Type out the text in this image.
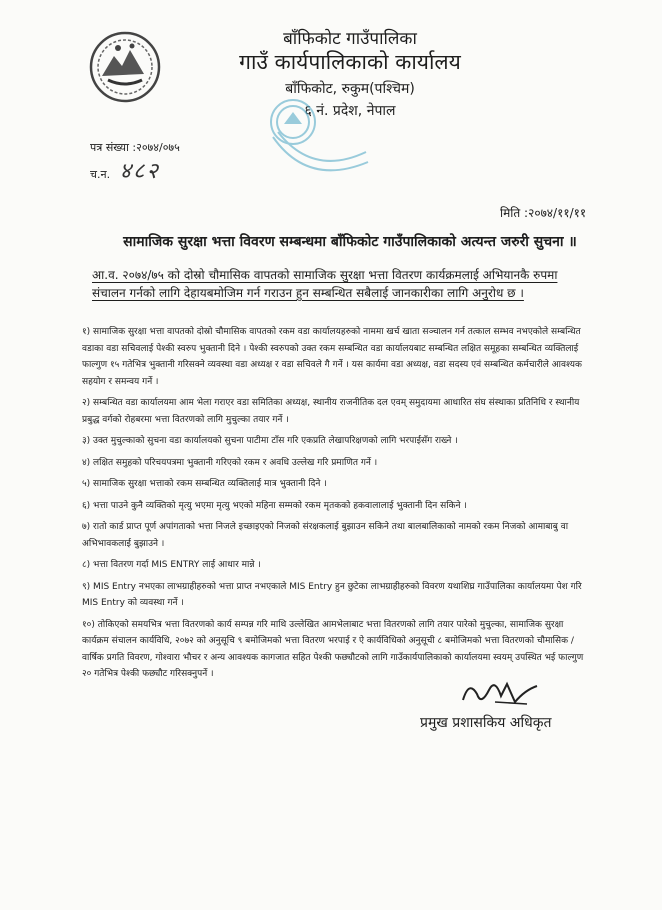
बाँफिकोट गाउँपालिका
गाउँ कार्यपालिकाको कार्यालय
बाँफिकोट, रुकुम(पश्चिम)
६ नं. प्रदेश, नेपाल
पत्र संख्या :२०७४/०७५
च.न. ४८२
मिति :२०७४/११/११
सामाजिक सुरक्षा भत्ता विवरण सम्बन्धमा बाँफिकोट गाउँपालिकाको अत्यन्त जरुरी सुचना ॥
आ.व. २०७४/७५ को दोस्रो चौमासिक वापतको सामाजिक सुरक्षा भत्ता वितरण कार्यक्रमलाई अभियानकै रुपमा संचालन गर्नको लागि देहायबमोजिम गर्न गराउन हुन सम्बन्धित सबैलाई जानकारीका लागि अनुरोध छ ।

१) सामाजिक सुरक्षा भत्ता वापतको दोस्रो चौमासिक वापतको रकम वडा कार्यालयहरुको नाममा खर्च खाता सञ्चालन गर्न तत्काल सम्भव नभएकोले सम्बन्धित वडाका वडा सचिवलाई पेश्की स्वरुप भुक्तानी दिने । पेश्की स्वरुपको उक्त रकम सम्बन्धित वडा कार्यालयबाट सम्बन्धित लक्षित समूहका सम्बन्धित व्यक्तिलाई फाल्गुण १५ गतेभित्र भुक्तानी गरिसक्ने व्यवस्था वडा अध्यक्ष र वडा सचिवले गै गर्ने । यस कार्यमा वडा अध्यक्ष, वडा सदस्य एवं सम्बन्धित कर्मचारीले आवश्यक सहयोग र समन्वय गर्ने ।

२) सम्बन्धित वडा कार्यालयमा आम भेला गराएर वडा समितिका अध्यक्ष, स्थानीय राजनीतिक दल एवम् समुदायमा आधारित संघ संस्थाका प्रतिनिधि र स्थानीय प्रबुद्ध वर्गको रोहबरमा भत्ता वितरणको लागि मुचुल्का तयार गर्ने ।

३) उक्त मुचुल्काको सुचना वडा कार्यालयको सुचना पाटीमा टाँस गरि एकप्रति लेखापरिक्षणको लागि भरपाईसँग राख्ने ।

४) लक्षित समुहको परिचयपत्रमा भुक्तानी गरिएको रकम र अवधि उल्लेख गरि प्रमाणित गर्ने ।

५) सामाजिक सुरक्षा भत्ताको रकम सम्बन्धित व्यक्तिलाई मात्र भुक्तानी दिने ।

६) भत्ता पाउने कुनै व्यक्तिको मृत्यु भएमा मृत्यु भएको महिना सम्मको रकम मृतकको हकवालालाई भुक्तानी दिन सकिने ।

७) रातो कार्ड प्राप्त पूर्ण अपांगताको भत्ता निजले इच्छाइएको निजको संरक्षकलाई बुझाउन सकिने तथा बालबालिकाको नामको रकम निजको आमाबाबु वा अभिभावकलाई बुझाउने ।

८) भत्ता वितरण गर्दा MIS ENTRY लाई आधार मान्ने ।

९) MIS Entry नभएका लाभग्राहीहरुको भत्ता प्राप्त नभएकाले MIS Entry हुन छुटेका लाभग्राहीहरुको विवरण यथाशिघ्र गाउँपालिका कार्यालयमा पेश गरि MIS Entry को व्यवस्था गर्ने ।

१०) तोकिएको समयभित्र भत्ता वितरणको कार्य सम्पन्न गरि माथि उल्लेखित आमभेलाबाट भत्ता वितरणको लागि तयार पारेको मुचुल्का, सामाजिक सुरक्षा कार्यक्रम संचालन कार्यविधि, २०७२ को अनुसूचि ९ बमोजिमको भत्ता वितरण भरपाई र ऐ कार्यविधिको अनुसूची ८ बमोजिमको भत्ता वितरणको चौमासिक /वार्षिक प्रगति विवरण, गोश्वारा भौचर र अन्य आवश्यक कागजात सहित पेश्की फछ्यौटको लागि गाउँकार्यपालिकाको कार्यालयमा स्वयम् उपस्थित भई फाल्गुण २० गतेभित्र पेश्की फछ्यौट गरिसक्नुपर्ने ।

प्रमुख प्रशासकिय अधिकृत
